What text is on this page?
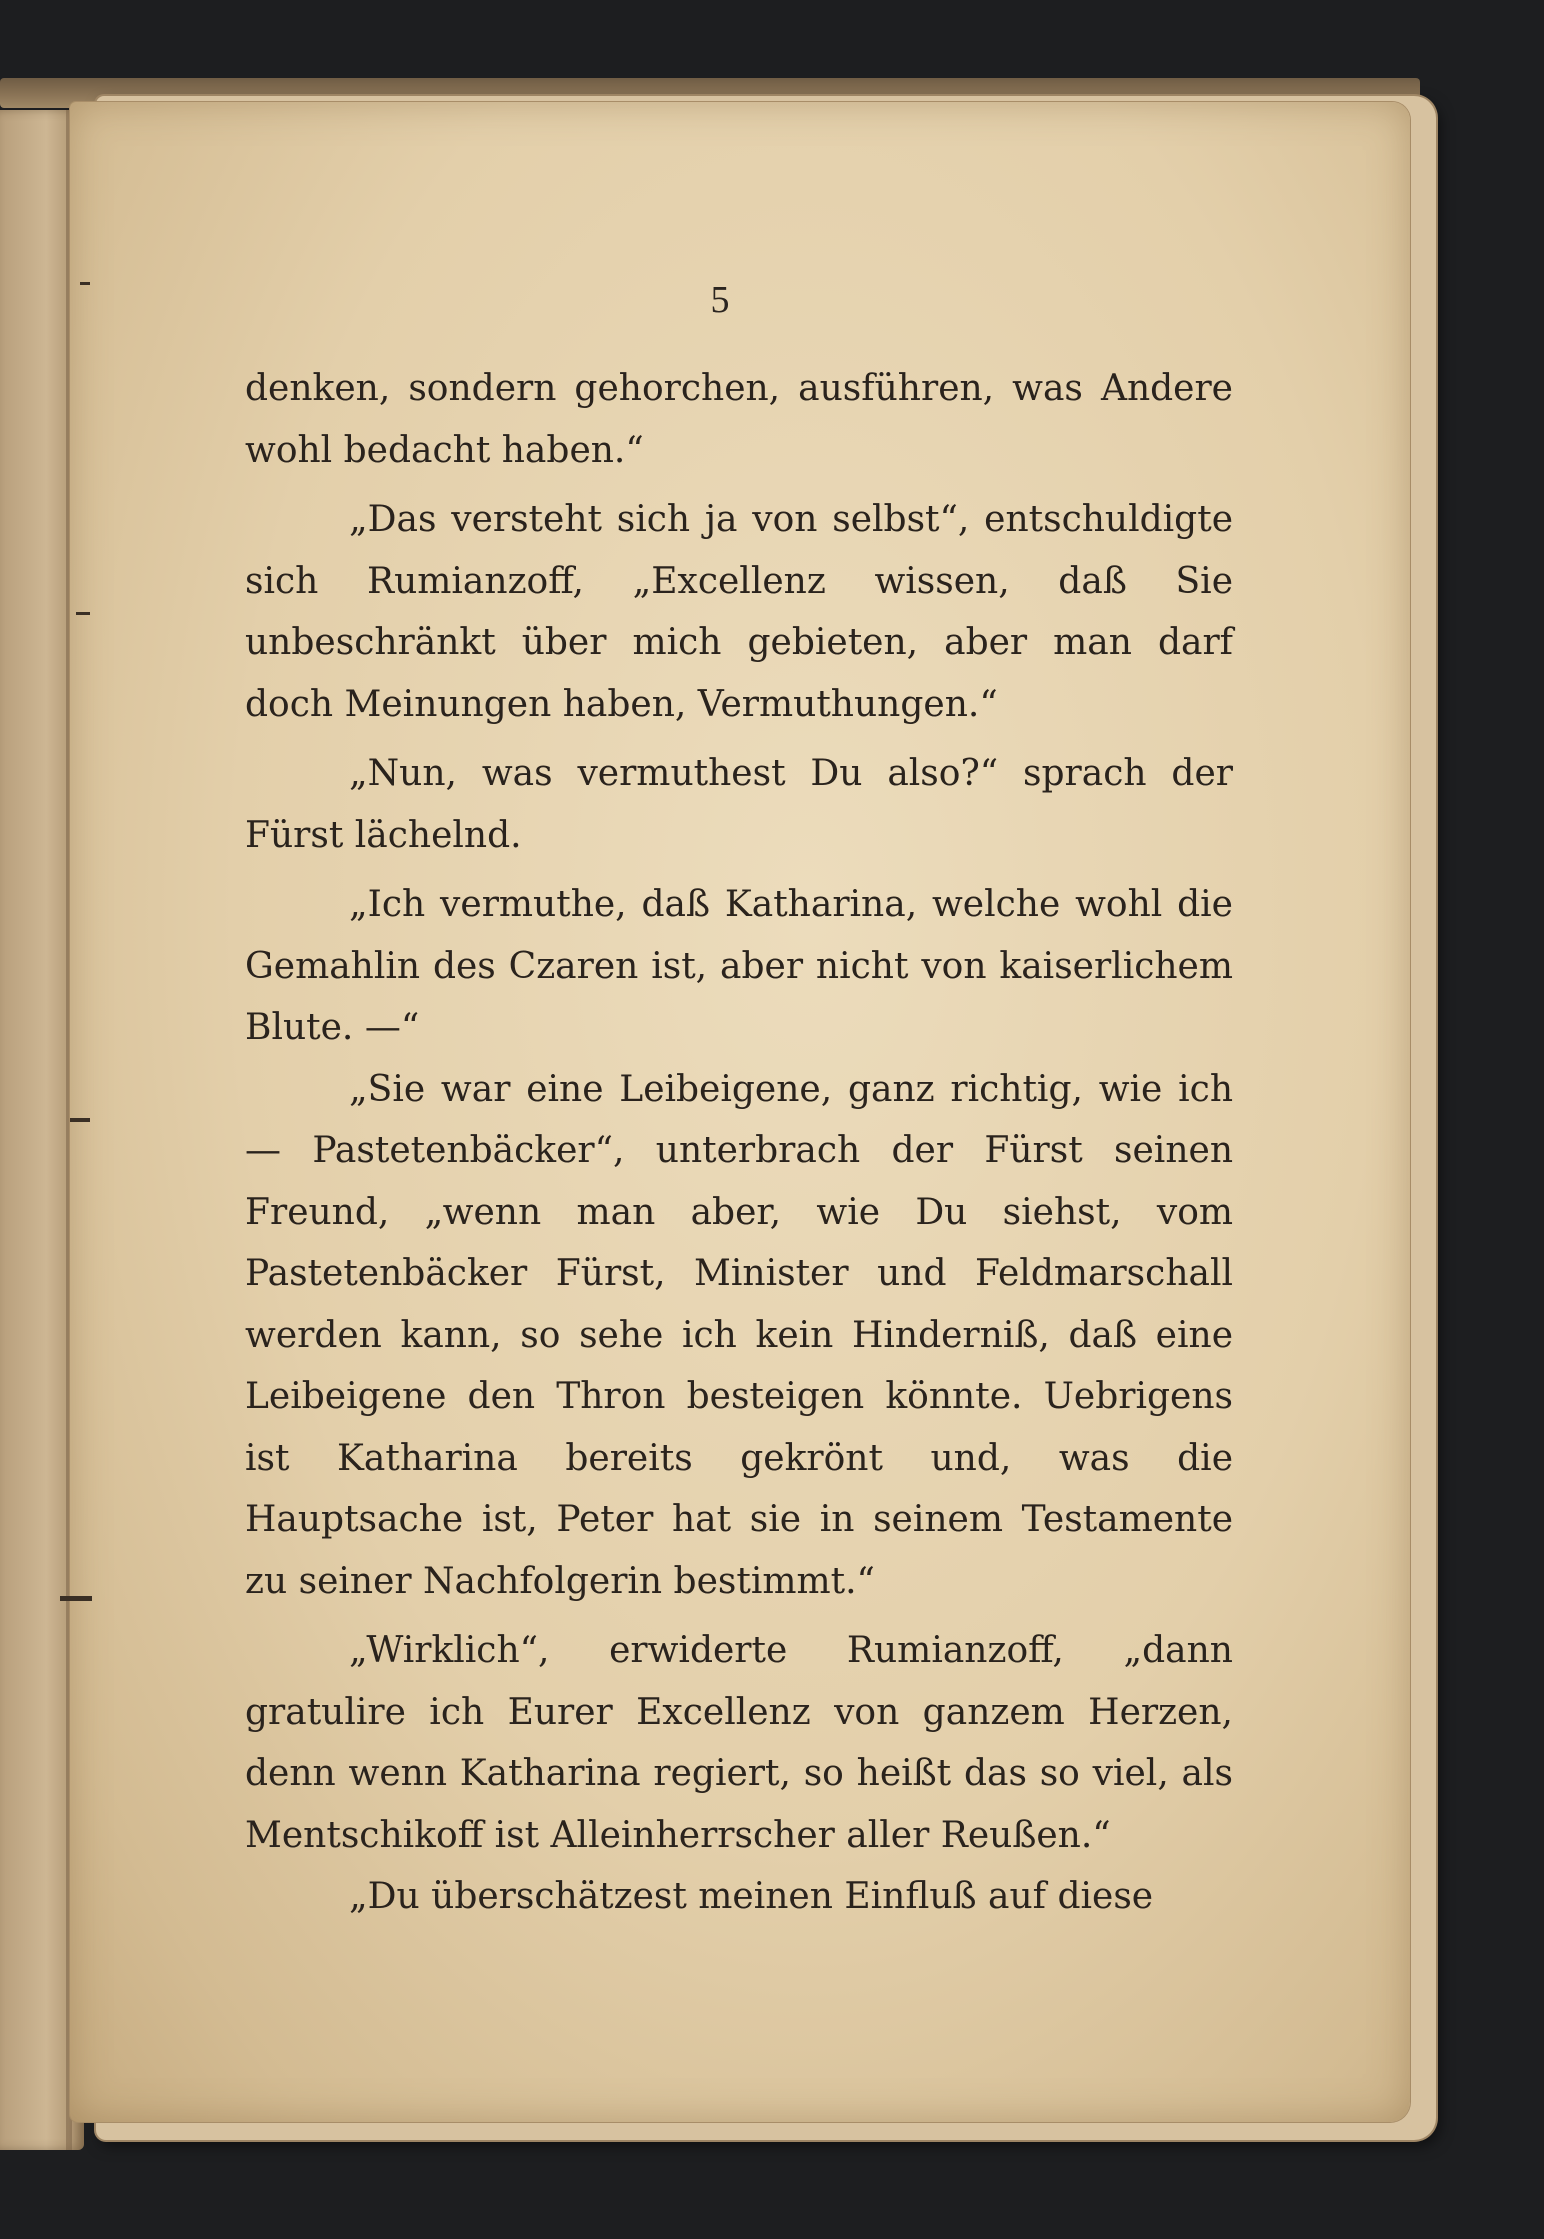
5

denken, sondern gehorchen, ausführen, was Andere wohl bedacht haben.“

„Das versteht sich ja von selbst“, entschuldigte sich Rumianzoff, „Excellenz wissen, daß Sie unbeschränkt über mich gebieten, aber man darf doch Meinungen haben, Vermuthungen.“

„Nun, was vermuthest Du also?“ sprach der Fürst lächelnd.

„Ich vermuthe, daß Katharina, welche wohl die Gemahlin des Czaren ist, aber nicht von kaiserlichem Blute. —“

„Sie war eine Leibeigene, ganz richtig, wie ich — Pastetenbäcker“, unterbrach der Fürst seinen Freund, „wenn man aber, wie Du siehst, vom Pastetenbäcker Fürst, Minister und Feldmarschall werden kann, so sehe ich kein Hinderniß, daß eine Leibeigene den Thron besteigen könnte. Uebrigens ist Katharina bereits gekrönt und, was die Hauptsache ist, Peter hat sie in seinem Testamente zu seiner Nachfolgerin bestimmt.“

„Wirklich“, erwiderte Rumianzoff, „dann gratulire ich Eurer Excellenz von ganzem Herzen, denn wenn Katharina regiert, so heißt das so viel, als Mentschikoff ist Alleinherrscher aller Reußen.“

„Du überschätzest meinen Einfluß auf diese
